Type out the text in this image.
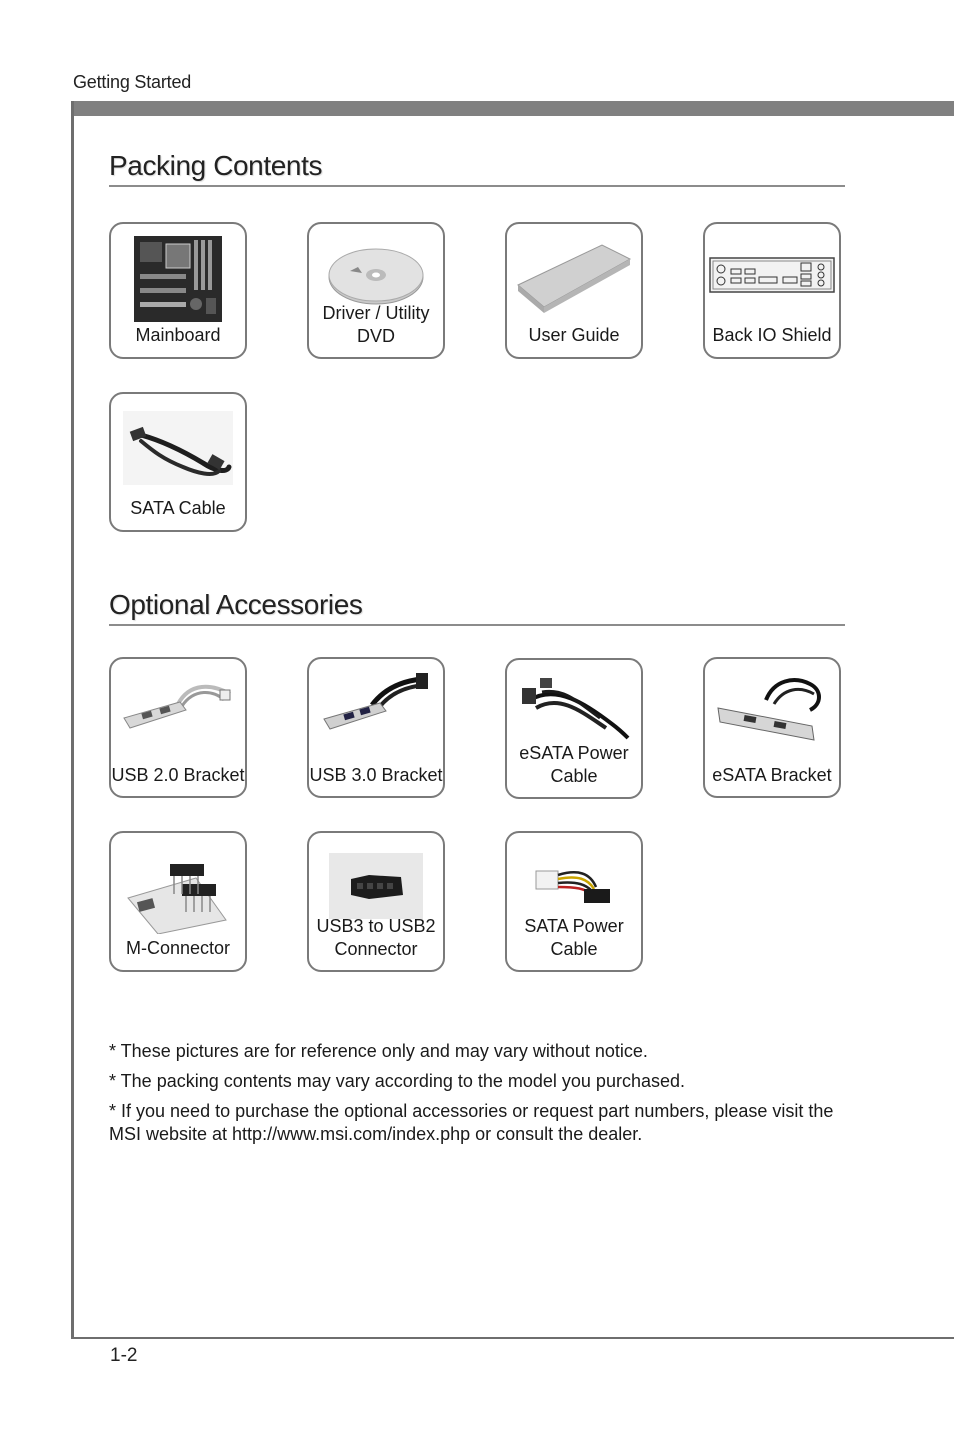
Getting Started
Packing Contents
Mainboard
Driver / Utility DVD	User Guide	Back IO Shield
SATA Cable
Optional Accessories
USB 2.0 Bracket	USB 3.0 Bracket
eSATA Power Cable	eSATA Bracket
M-Connector
USB3 to USB2 Connector
SATA Power Cable

* These pictures are for reference only and may vary without notice.

* The packing contents may vary according to the model you purchased.

* If you need to purchase the optional accessories or request part numbers, please visit the MSI website at http://www.msi.com/index.php or consult the dealer.

1-2
